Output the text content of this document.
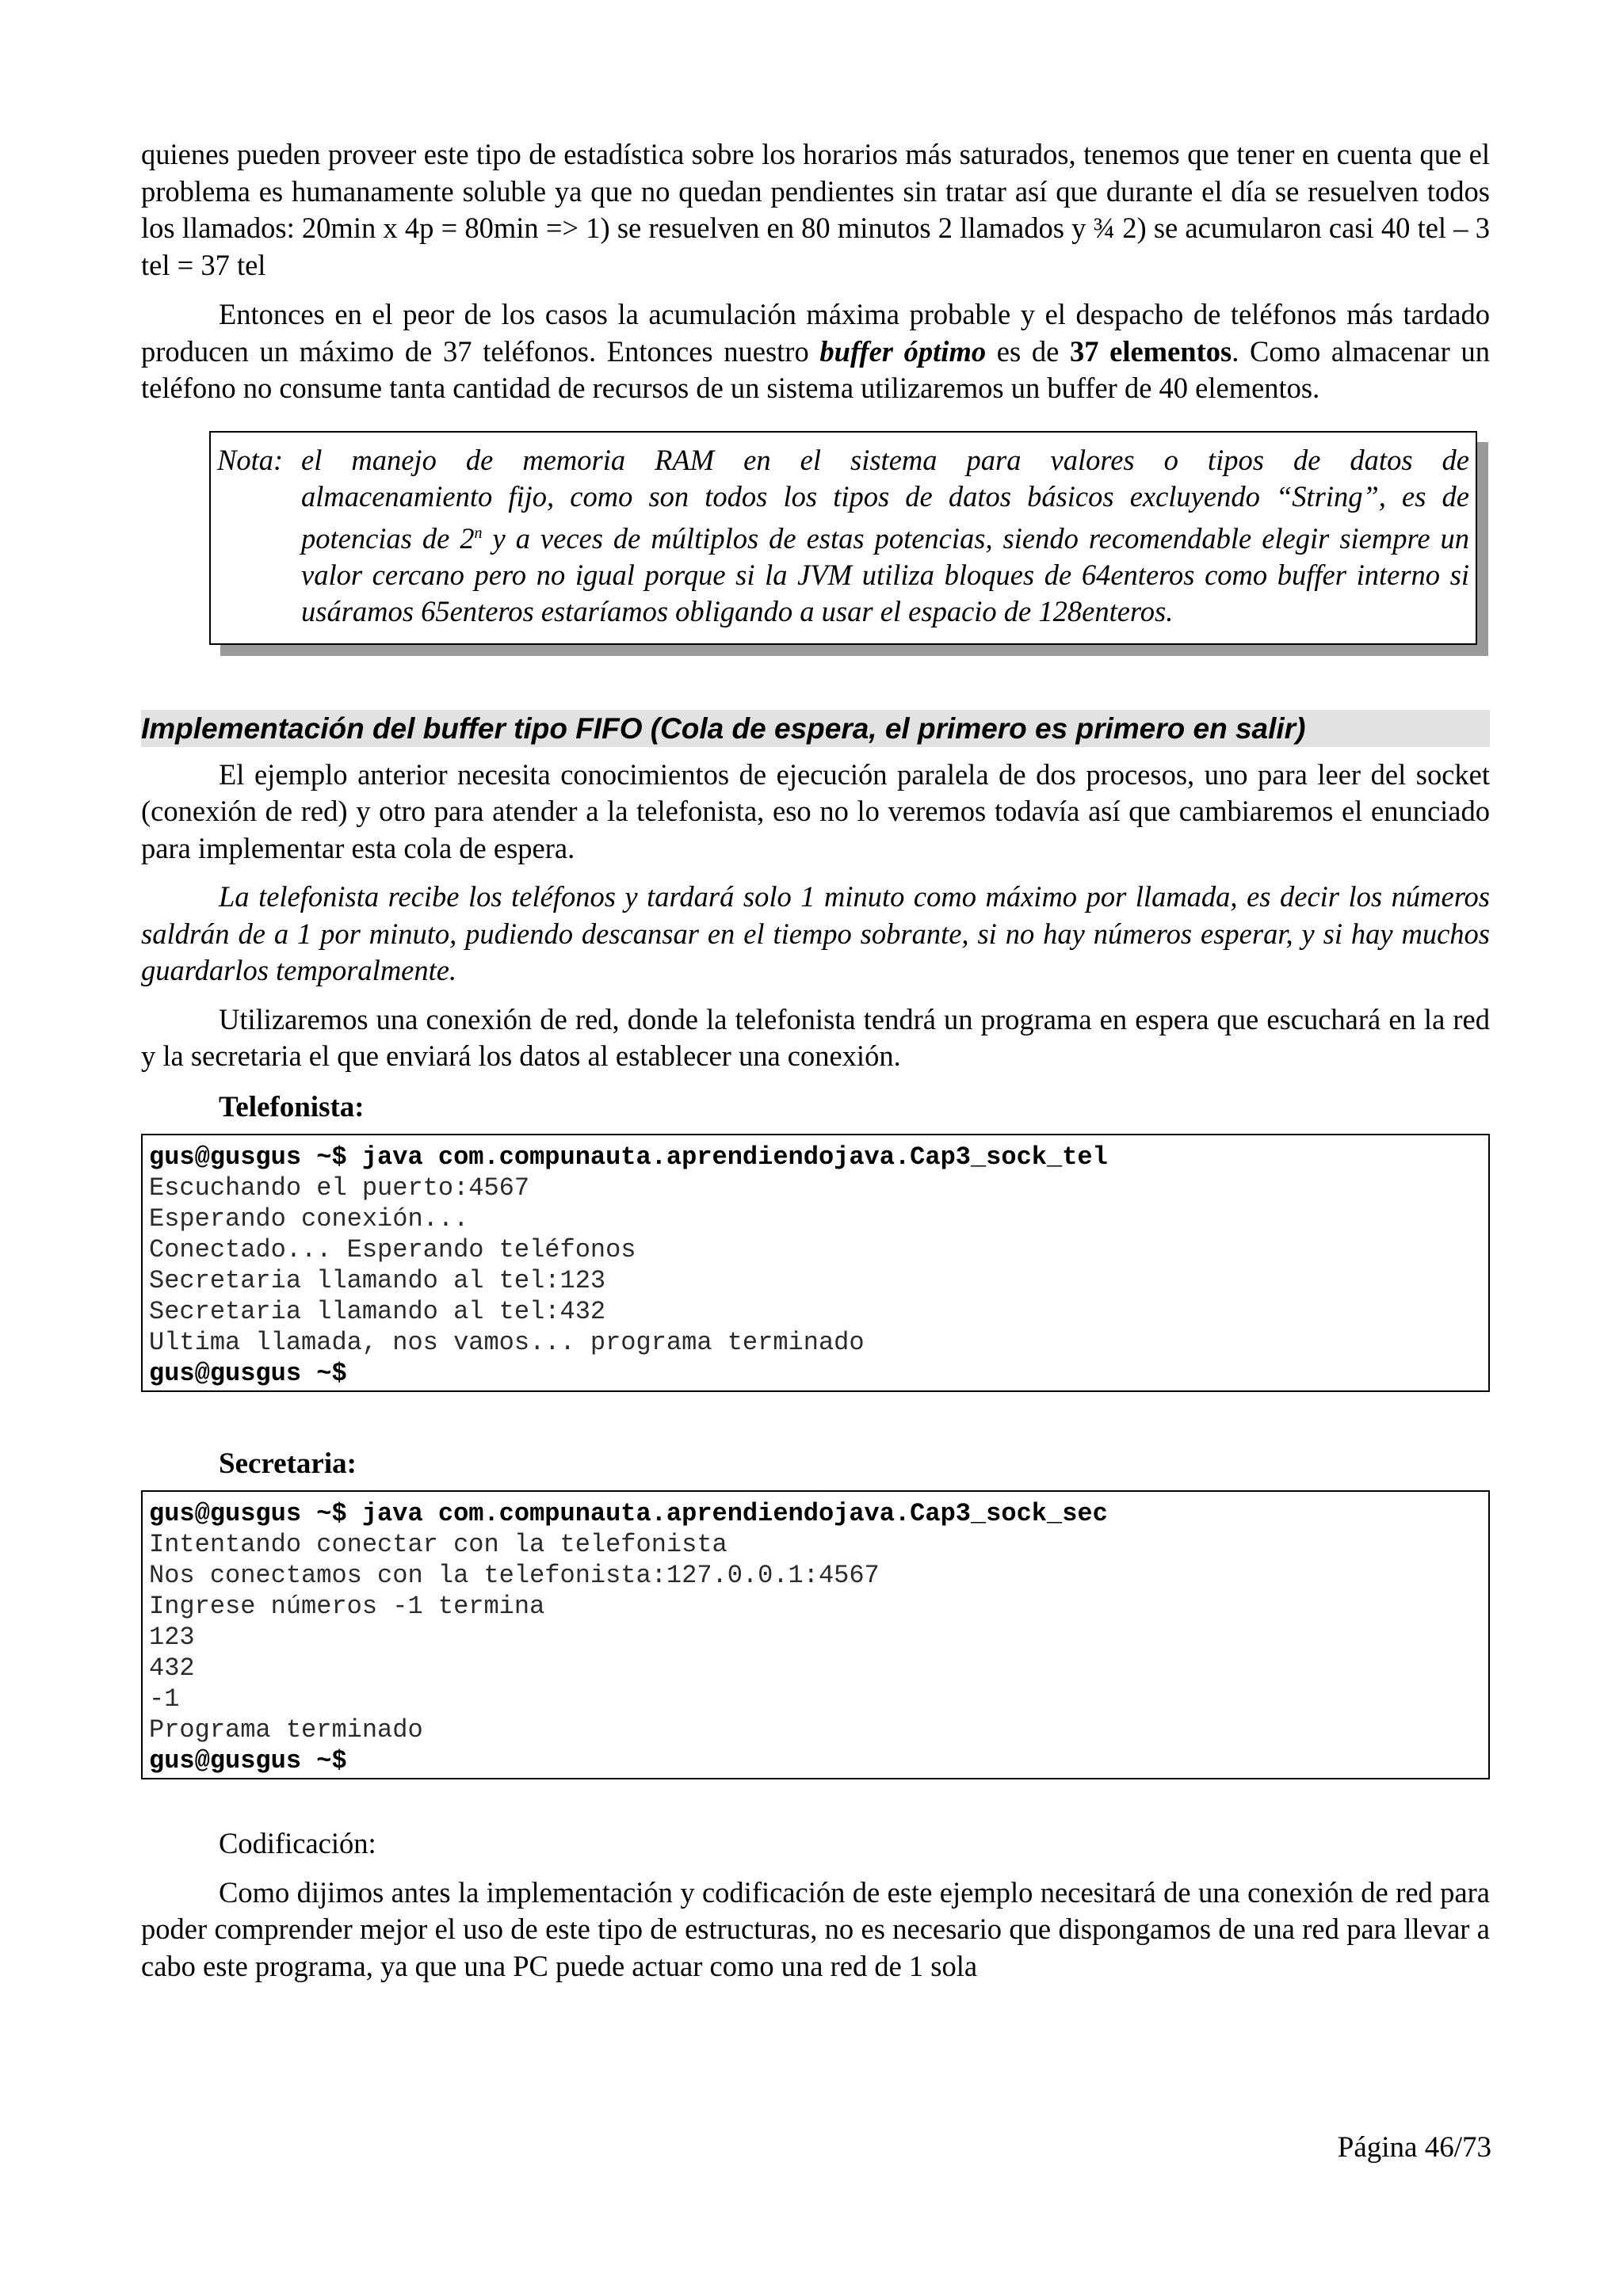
quienes pueden proveer este tipo de estadística sobre los horarios más saturados, tenemos que tener en cuenta que el problema es humanamente soluble ya que no quedan pendientes sin tratar así que durante el día se resuelven todos los llamados: 20min x 4p = 80min => 1) se resuelven en 80 minutos 2 llamados y ¾ 2) se acumularon casi 40 tel – 3 tel = 37 tel

Entonces en el peor de los casos la acumulación máxima probable y el despacho de teléfonos más tardado producen un máximo de 37 teléfonos. Entonces nuestro buffer óptimo es de 37 elementos. Como almacenar un teléfono no consume tanta cantidad de recursos de un sistema utilizaremos un buffer de 40 elementos.

Nota: el manejo de memoria RAM en el sistema para valores o tipos de datos de
almacenamiento fijo, como son todos los tipos de datos básicos excluyendo “String”, es de potencias de 2$^n$ y a veces de múltiplos de estas potencias, siendo recomendable elegir siempre un valor cercano pero no igual porque si la JVM utiliza bloques de 64enteros como buffer interno si usáramos 65enteros estaríamos obligando a usar el espacio de 128enteros.
Implementación del buffer tipo FIFO (Cola de espera, el primero es primero en salir)

El ejemplo anterior necesita conocimientos de ejecución paralela de dos procesos, uno para leer del socket (conexión de red) y otro para atender a la telefonista, eso no lo veremos todavía así que cambiaremos el enunciado para implementar esta cola de espera.

La telefonista recibe los teléfonos y tardará solo 1 minuto como máximo por llamada, es decir los números saldrán de a 1 por minuto, pudiendo descansar en el tiempo sobrante, si no hay números esperar, y si hay muchos guardarlos temporalmente.

Utilizaremos una conexión de red, donde la telefonista tendrá un programa en espera que escuchará en la red y la secretaria el que enviará los datos al establecer una conexión.

Telefonista:
gus@gusgus ~$ java com.compunauta.aprendiendojava.Cap3_sock_tel
Escuchando el puerto:4567
Esperando conexión...
Conectado... Esperando teléfonos
Secretaria llamando al tel:123
Secretaria llamando al tel:432
Ultima llamada, nos vamos... programa terminado
gus@gusgus ~$
Secretaria:
gus@gusgus ~$ java com.compunauta.aprendiendojava.Cap3_sock_sec
Intentando conectar con la telefonista
Nos conectamos con la telefonista:127.0.0.1:4567
Ingrese números -1 termina
123
432
-1
Programa terminado
gus@gusgus ~$
Codificación:

Como dijimos antes la implementación y codificación de este ejemplo necesitará de una conexión de red para poder comprender mejor el uso de este tipo de estructuras, no es necesario que dispongamos de una red para llevar a cabo este programa, ya que una PC puede actuar como una red de 1 sola

Página 46/73
